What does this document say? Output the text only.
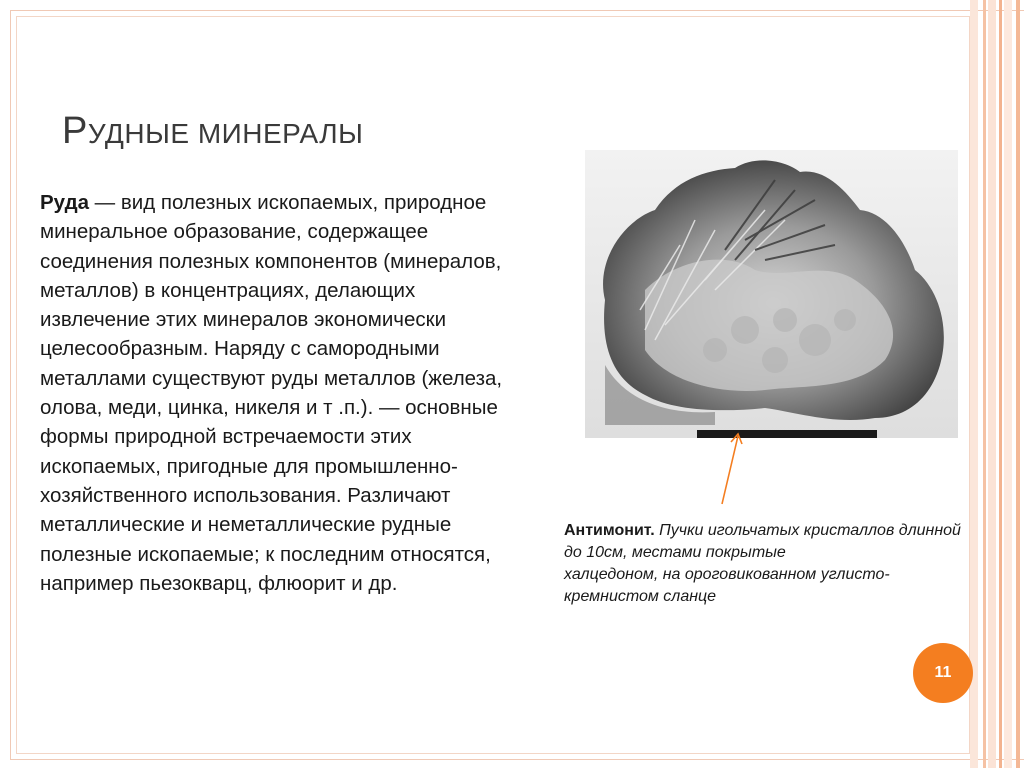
РУДНЫЕ МИНЕРАЛЫ
Руда — вид полезных ископаемых, природное минеральное образование, содержащее соединения полезных компонентов (минералов, металлов) в концентрациях, делающих извлечение этих минералов экономически целесообразным. Наряду с самородными металлами существуют руды металлов (железа, олова, меди, цинка, никеля и т .п.). — основные формы природной встречаемости этих ископаемых, пригодные для промышленно-хозяйственного использования. Различают металлические и неметаллические рудные полезные ископаемые; к последним относятся, например пьезокварц, флюорит и др.
Антимонит. Пучки игольчатых кристаллов длинной до 10см, местами покрытые
халцедоном, на ороговикованном углисто-кремнистом сланце
11
